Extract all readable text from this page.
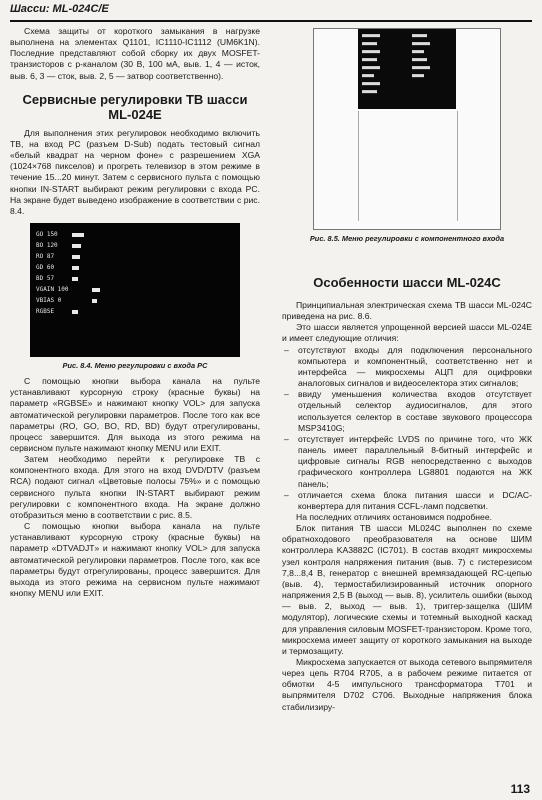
Шасси: ML-024C/E

Схема защиты от короткого замыкания в нагрузке выполнена на элементах Q1101, IC1110-IC1112 (UM6K1N). Последние представляют собой сборку их двух MOSFET-транзисторов с p-каналом (30 В, 100 мА, выв. 1, 4 — исток, выв. 6, 3 — сток, выв. 2, 5 — затвор соответственно).

Сервисные регулировки ТВ шасси ML-024E

Для выполнения этих регулировок необходимо включить ТВ, на вход PC (разъем D-Sub) подать тестовый сигнал «белый квадрат на черном фоне» с разрешением XGA (1024×768 пикселов) и прогреть телевизор в этом режиме в течение 15...20 минут. Затем с сервисного пульта с помощью кнопки IN-START выбирают режим регулировки с входа PC. На экране будет выведено изображение в соответствии с рис. 8.4.

GO 150
BO 120
RO 87
GD 60
BD 57
VGAIN 100
VBIAS 0
RGBSE
Рис. 8.4. Меню регулировки с входа PC

С помощью кнопки выбора канала на пульте устанавливают курсорную строку (красные буквы) на параметр «RGBSE» и нажимают кнопку VOL> для запуска автоматической регулировки параметров. После того как все параметры (RO, GO, BO, RD, BD) будут отрегулированы, процесс завершится. Для выхода из этого режима на сервисном пульте нажимают кнопку MENU или EXIT.

Затем необходимо перейти к регулировке ТВ с компонентного входа. Для этого на вход DVD/DTV (разъем RCA) подают сигнал «Цветовые полосы 75%» и с помощью сервисного пульта кнопки IN-START выбирают режим регулировки с компонентного входа. На экране должно отобразиться меню в соответствии с рис. 8.5.

С помощью кнопки выбора канала на пульте устанавливают курсорную строку (красные буквы) на параметр «DTVADJT» и нажимают кнопку VOL> для запуска автоматической регулировки параметров. После того, как все параметры будут отрегулированы, процесс завершится. Для выхода из этого режима на сервисном пульте нажимают кнопку MENU или EXIT.

■■■■■■
■■■■■
■■■■■■
■■■■■
■■■■■■
■■■■
■■■■■■
■■■■■
■■■■■
■■■■■■
■■■■
■■■■■
■■■■■■
■■■■
Рис. 8.5. Меню регулировки с компонентного входа
Особенности шасси ML-024C

Принципиальная электрическая схема ТВ шасси ML-024C приведена на рис. 8.6.

Это шасси является упрощенной версией шасси ML-024E и имеет следующие отличия:

– отсутствуют входы для подключения персонального компьютера и компонентный, соответственно нет и интерфейса — микросхемы АЦП для оцифровки аналоговых сигналов и видеоселектора этих сигналов;
– ввиду уменьшения количества входов отсутствует отдельный селектор аудиосигналов, для этого используется селектор в составе звукового процессора MSP3410G;
– отсутствует интерфейс LVDS по причине того, что ЖК панель имеет параллельный 8-битный интерфейс и цифровые сигналы RGB непосредственно с выходов графического контроллера LG8801 подаются на ЖК панель;
– отличается схема блока питания шасси и DC/AC-конвертера для питания CCFL-ламп подсветки.

На последних отличиях остановимся подробнее.

Блок питания ТВ шасси ML024C выполнен по схеме обратноходового преобразователя на основе ШИМ контроллера KA3882C (IC701). В состав входят микросхемы узел контроля напряжения питания (выв. 7) с гистерезисом 7,8...8,4 В, генератор с внешней времязадающей RC-цепью (выв. 4), термостабилизированный источник опорного напряжения 2,5 В (выход — выв. 8), усилитель ошибки (выход — выв. 2, выход — выв. 1), триггер-защелка (ШИМ модулятор), логические схемы и тотемный выходной каскад для управления силовым MOSFET-транзистором. Кроме того, микросхема имеет защиту от короткого замыкания на выходе и термозащиту.

Микросхема запускается от выхода сетевого выпрямителя через цепь R704 R705, а в рабочем режиме питается от обмотки 4-5 импульсного трансформатора T701 и выпрямителя D702 C706. Выходные напряжения блока стабилизиру-

113
